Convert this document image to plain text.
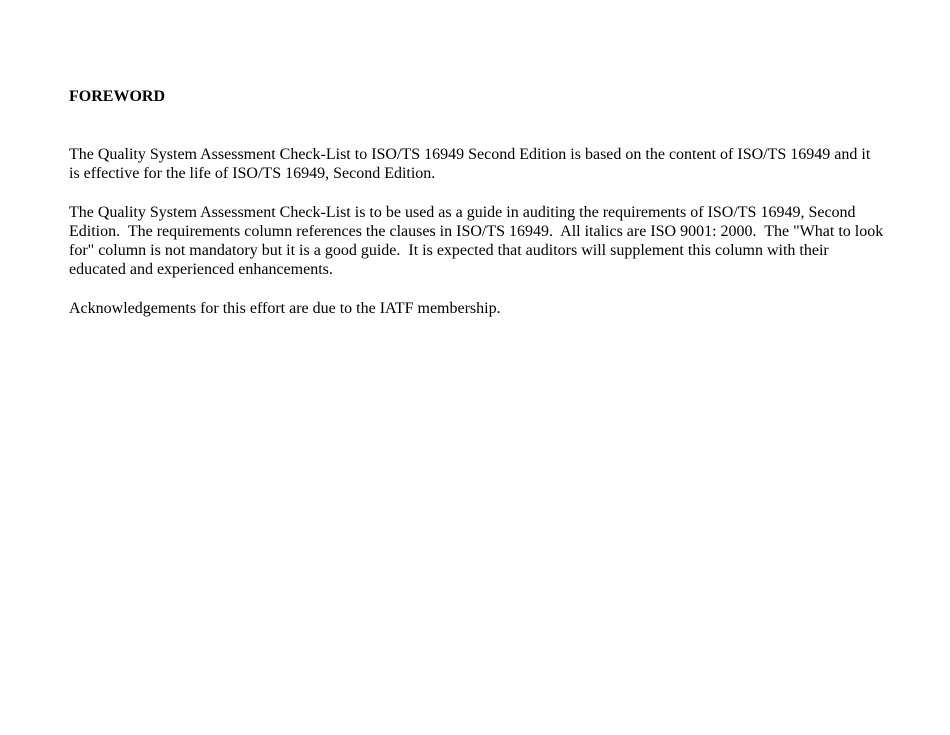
FOREWORD

The Quality System Assessment Check-List to ISO/TS 16949 Second Edition is based on the content of ISO/TS 16949 and it is effective for the life of ISO/TS 16949, Second Edition.

The Quality System Assessment Check-List is to be used as a guide in auditing the requirements of ISO/TS 16949, Second Edition.  The requirements column references the clauses in ISO/TS 16949.  All italics are ISO 9001: 2000.  The "What to look for" column is not mandatory but it is a good guide.  It is expected that auditors will supplement this column with their educated and experienced enhancements.

Acknowledgements for this effort are due to the IATF membership.
